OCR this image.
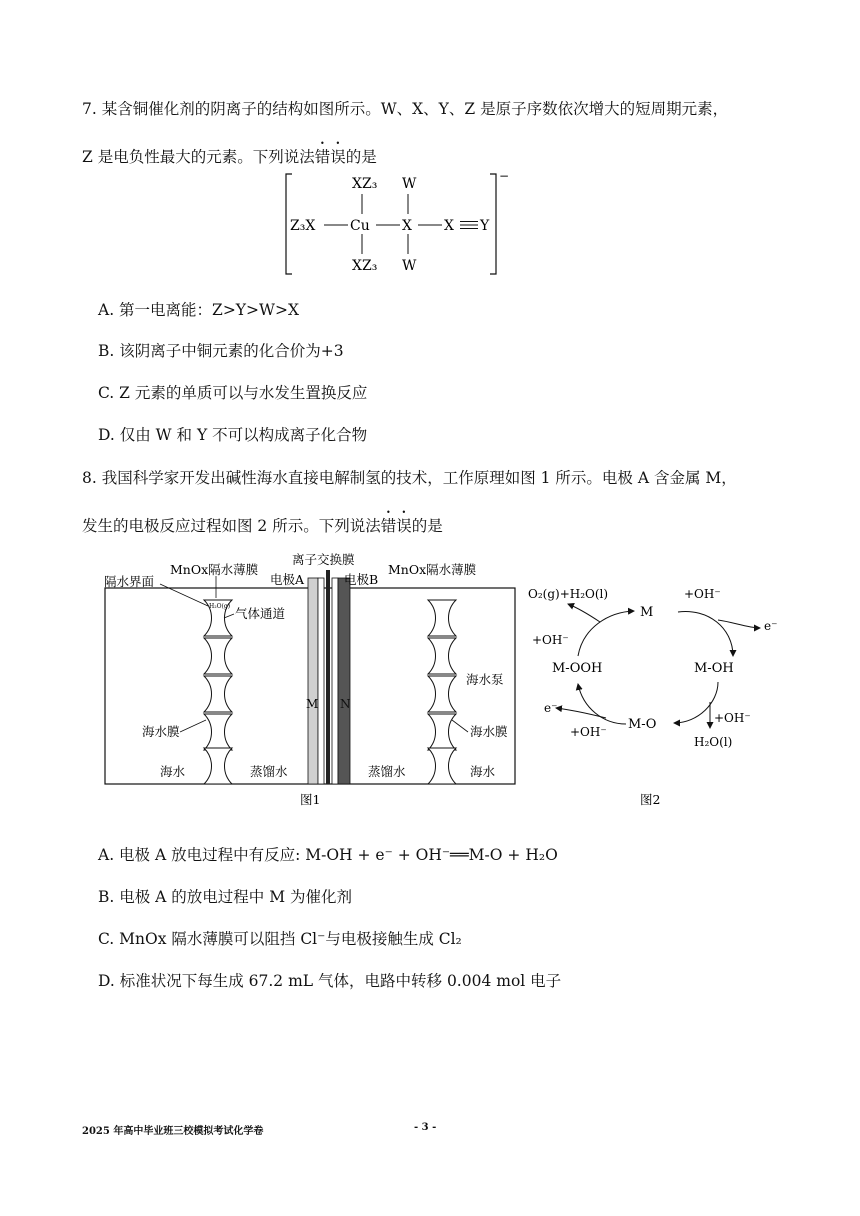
7. 某含铜催化剂的阴离子的结构如图所示。W、X、Y、Z 是原子序数依次增大的短周期元素，
Z 是电负性最大的元素。下列说法错误的是
−
XZ₃ W
Z₃X Cu X X Y
XZ₃ W
A. 第一电离能：Z>Y>W>X
B. 该阴离子中铜元素的化合价为+3
C. Z 元素的单质可以与水发生置换反应
D. 仅由 W 和 Y 不可以构成离子化合物
8. 我国科学家开发出碱性海水直接电解制氢的技术，工作原理如图 1 所示。电极 A 含金属 M，
发生的电极反应过程如图 2 所示。下列说法错误的是
M N
离子交换膜
MnOx隔水薄膜
电极A	电极B
MnOx隔水薄膜
隔水界面
H₂O(g) 气体通道
海水泵
海水膜
海水膜
海水	蒸馏水	蒸馏水	海水
图1
O₂(g)+H₂O(l)
M
+OH⁻
e⁻
M-OH
+OH⁻
H₂O(l)
M-O
e⁻
+OH⁻
M-OOH
+OH⁻
图2
A. 电极 A 放电过程中有反应: M-OH + e⁻ + OH⁻══M-O + H₂O
B. 电极 A 的放电过程中 M 为催化剂
C. MnOx 隔水薄膜可以阻挡 Cl⁻与电极接触生成 Cl₂
D. 标准状况下每生成 67.2 mL 气体，电路中转移 0.004 mol 电子
2025 年高中毕业班三校模拟考试化学卷	- 3 -
